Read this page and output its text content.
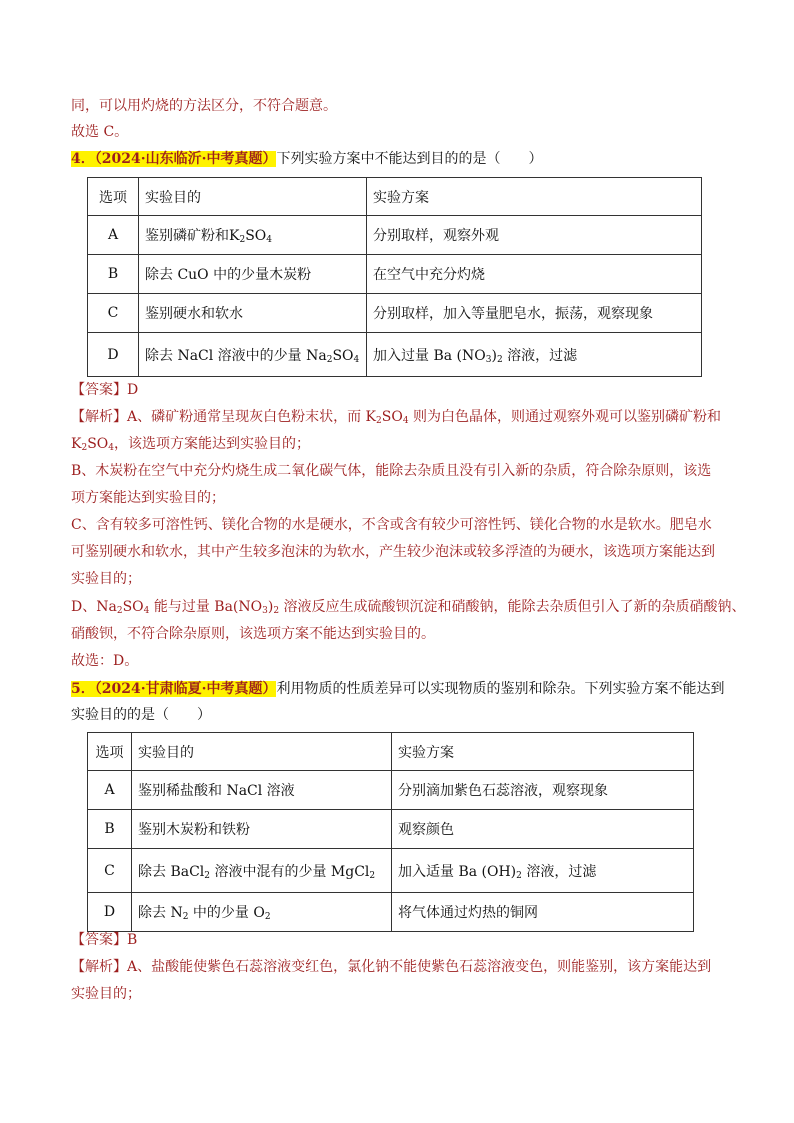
同，可以用灼烧的方法区分，不符合题意。
故选 C。
4．（2024·山东临沂·中考真题）下列实验方案中不能达到目的的是（　　）
选项	实验目的	实验方案
A	鉴别磷矿粉和$K_2SO_4$	分别取样，观察外观
B	除去 CuO 中的少量木炭粉	在空气中充分灼烧
C	鉴别硬水和软水	分别取样，加入等量肥皂水，振荡，观察现象
D	除去 NaCl 溶液中的少量 $Na_2SO_4$	加入过量 Ba $(NO_3)_2$ 溶液，过滤
【答案】D
【解析】A、磷矿粉通常呈现灰白色粉末状，而 $K_2SO_4$ 则为白色晶体，则通过观察外观可以鉴别磷矿粉和
$K_2SO_4$，该选项方案能达到实验目的；
B、木炭粉在空气中充分灼烧生成二氧化碳气体，能除去杂质且没有引入新的杂质，符合除杂原则，该选
项方案能达到实验目的；
C、含有较多可溶性钙、镁化合物的水是硬水，不含或含有较少可溶性钙、镁化合物的水是软水。肥皂水
可鉴别硬水和软水，其中产生较多泡沫的为软水，产生较少泡沫或较多浮渣的为硬水，该选项方案能达到
实验目的；
D、$Na_2SO_4$ 能与过量 $Ba(NO_3)_2$ 溶液反应生成硫酸钡沉淀和硝酸钠，能除去杂质但引入了新的杂质硝酸钠、
硝酸钡，不符合除杂原则，该选项方案不能达到实验目的。
故选：D。
5．（2024·甘肃临夏·中考真题）利用物质的性质差异可以实现物质的鉴别和除杂。下列实验方案不能达到
实验目的的是（　　）
选项	实验目的	实验方案
A	鉴别稀盐酸和 NaCl 溶液	分别滴加紫色石蕊溶液，观察现象
B	鉴别木炭粉和铁粉	观察颜色
C	除去 BaCl$_2$ 溶液中混有的少量 MgCl$_2$	加入适量 Ba $(OH)_2$ 溶液，过滤
D	除去 $N_2$ 中的少量 $O_2$	将气体通过灼热的铜网
【答案】B
【解析】A、盐酸能使紫色石蕊溶液变红色，氯化钠不能使紫色石蕊溶液变色，则能鉴别，该方案能达到
实验目的；
